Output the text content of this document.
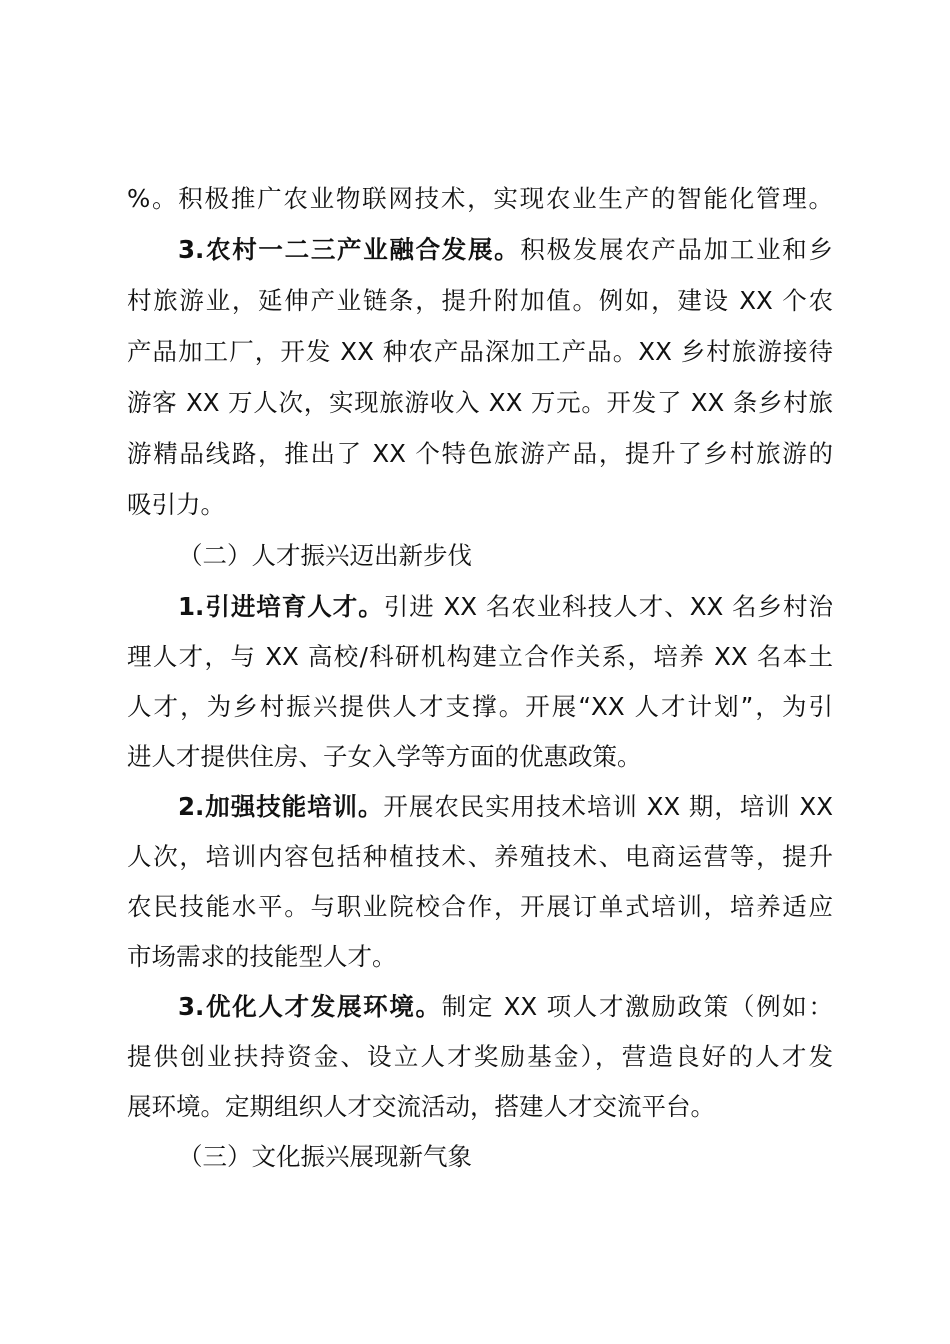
%。积极推广农业物联网技术，实现农业生产的智能化管理。
3.农村一二三产业融合发展。积极发展农产品加工业和乡
村旅游业，延伸产业链条，提升附加值。例如，建设 XX 个农
产品加工厂，开发 XX 种农产品深加工产品。XX 乡村旅游接待
游客 XX 万人次，实现旅游收入 XX 万元。开发了 XX 条乡村旅
游精品线路，推出了 XX 个特色旅游产品，提升了乡村旅游的
吸引力。
（二）人才振兴迈出新步伐
1.引进培育人才。引进 XX 名农业科技人才、XX 名乡村治
理人才，与 XX 高校/科研机构建立合作关系，培养 XX 名本土
人才，为乡村振兴提供人才支撑。开展“XX 人才计划”，为引
进人才提供住房、子女入学等方面的优惠政策。
2.加强技能培训。开展农民实用技术培训 XX 期，培训 XX
人次，培训内容包括种植技术、养殖技术、电商运营等，提升
农民技能水平。与职业院校合作，开展订单式培训，培养适应
市场需求的技能型人才。
3.优化人才发展环境。制定 XX 项人才激励政策（例如：
提供创业扶持资金、设立人才奖励基金），营造良好的人才发
展环境。定期组织人才交流活动，搭建人才交流平台。
（三）文化振兴展现新气象
